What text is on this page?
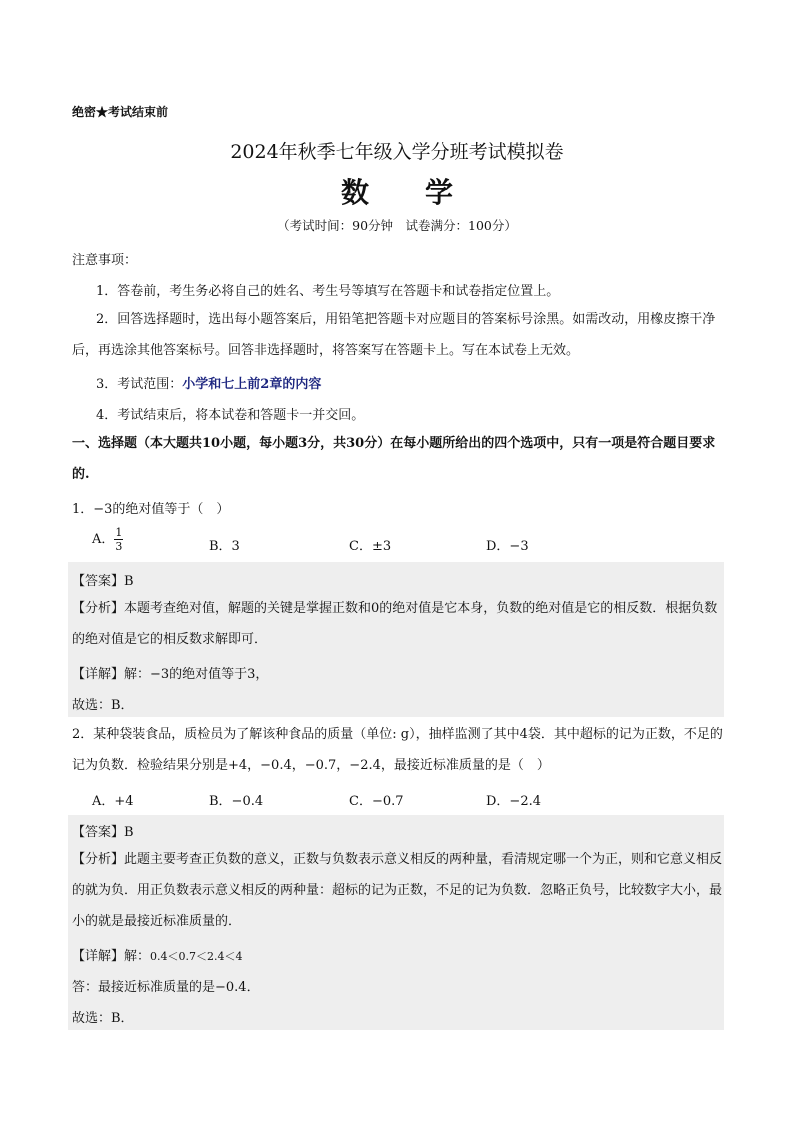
绝密★考试结束前
2024年秋季七年级入学分班考试模拟卷
数学
（考试时间：90分钟　试卷满分：100分）
注意事项：
1．答卷前，考生务必将自己的姓名、考生号等填写在答题卡和试卷指定位置上。
2．回答选择题时，选出每小题答案后，用铅笔把答题卡对应题目的答案标号涂黑。如需改动，用橡皮擦干净后，再选涂其他答案标号。回答非选择题时，将答案写在答题卡上。写在本试卷上无效。
3．考试范围：小学和七上前2章的内容
4．考试结束后，将本试卷和答题卡一并交回。
一、选择题（本大题共10小题，每小题3分，共30分）在每小题所给出的四个选项中，只有一项是符合题目要求的.
1．−3的绝对值等于（　）
A． $\frac{1}{3}$	B．3	C．±3	D．−3
【答案】B
【分析】本题考查绝对值，解题的关键是掌握正数和0的绝对值是它本身，负数的绝对值是它的相反数．根据负数的绝对值是它的相反数求解即可．
【详解】解：−3的绝对值等于3，
故选：B．
2．某种袋装食品，质检员为了解该种食品的质量（单位: g），抽样监测了其中4袋．其中超标的记为正数，不足的记为负数．检验结果分别是+4，−0.4，−0.7，−2.4，最接近标准质量的是（　）
A．+4	B．−0.4	C．−0.7	D．−2.4
【答案】B
【分析】此题主要考查正负数的意义，正数与负数表示意义相反的两种量，看清规定哪一个为正，则和它意义相反的就为负．用正负数表示意义相反的两种量：超标的记为正数，不足的记为负数．忽略正负号，比较数字大小，最小的就是最接近标准质量的．
【详解】解：0.4＜0.7＜2.4＜4
答：最接近标准质量的是−0.4．
故选：B．
